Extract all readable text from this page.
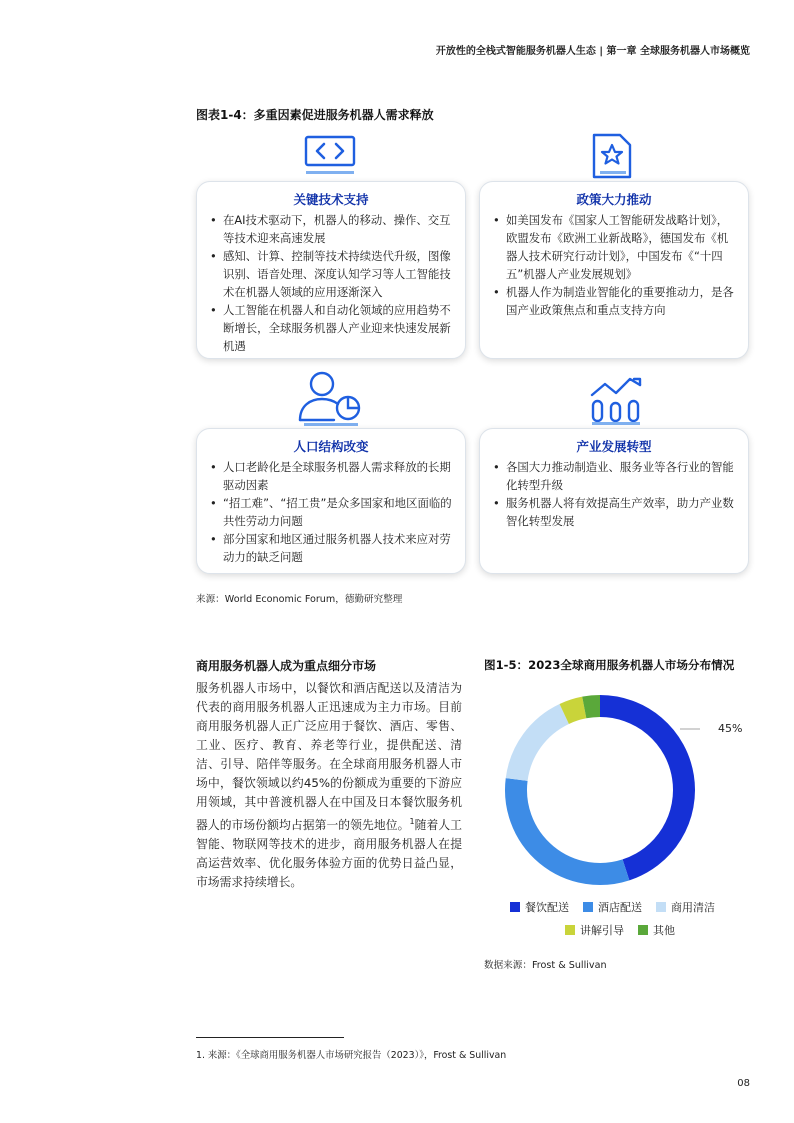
开放性的全栈式智能服务机器人生态 | 第一章 全球服务机器人市场概览
图表1-4：多重因素促进服务机器人需求释放
关键技术支持
• 在AI技术驱动下，机器人的移动、操作、交互等技术迎来高速发展
• 感知、计算、控制等技术持续迭代升级，图像识别、语音处理、深度认知学习等人工智能技术在机器人领域的应用逐渐深入
• 人工智能在机器人和自动化领域的应用趋势不断增长，全球服务机器人产业迎来快速发展新机遇
政策大力推动
• 如美国发布《国家人工智能研发战略计划》，欧盟发布《欧洲工业新战略》，德国发布《机器人技术研究行动计划》，中国发布《“十四五”机器人产业发展规划》
• 机器人作为制造业智能化的重要推动力，是各国产业政策焦点和重点支持方向
人口结构改变
• 人口老龄化是全球服务机器人需求释放的长期驱动因素
• “招工难”、“招工贵”是众多国家和地区面临的共性劳动力问题
• 部分国家和地区通过服务机器人技术来应对劳动力的缺乏问题
产业发展转型
• 各国大力推动制造业、服务业等各行业的智能化转型升级
• 服务机器人将有效提高生产效率，助力产业数智化转型发展
来源：World Economic Forum，德勤研究整理
商用服务机器人成为重点细分市场
服务机器人市场中，以餐饮和酒店配送以及清洁为代表的商用服务机器人正迅速成为主力市场。目前商用服务机器人正广泛应用于餐饮、酒店、零售、工业、医疗、教育、养老等行业，提供配送、清洁、引导、陪伴等服务。在全球商用服务机器人市场中，餐饮领域以约45%的份额成为重要的下游应用领域，其中普渡机器人在中国及日本餐饮服务机器人的市场份额均占据第一的领先地位。$^1$随着人工智能、物联网等技术的进步，商用服务机器人在提高运营效率、优化服务体验方面的优势日益凸显，市场需求持续增长。
图1-5：2023全球商用服务机器人市场分布情况
45%
餐饮配送	酒店配送	商用清洁
讲解引导	其他
数据来源：Frost & Sullivan
1. 来源：《全球商用服务机器人市场研究报告（2023）》，Frost & Sullivan
08
